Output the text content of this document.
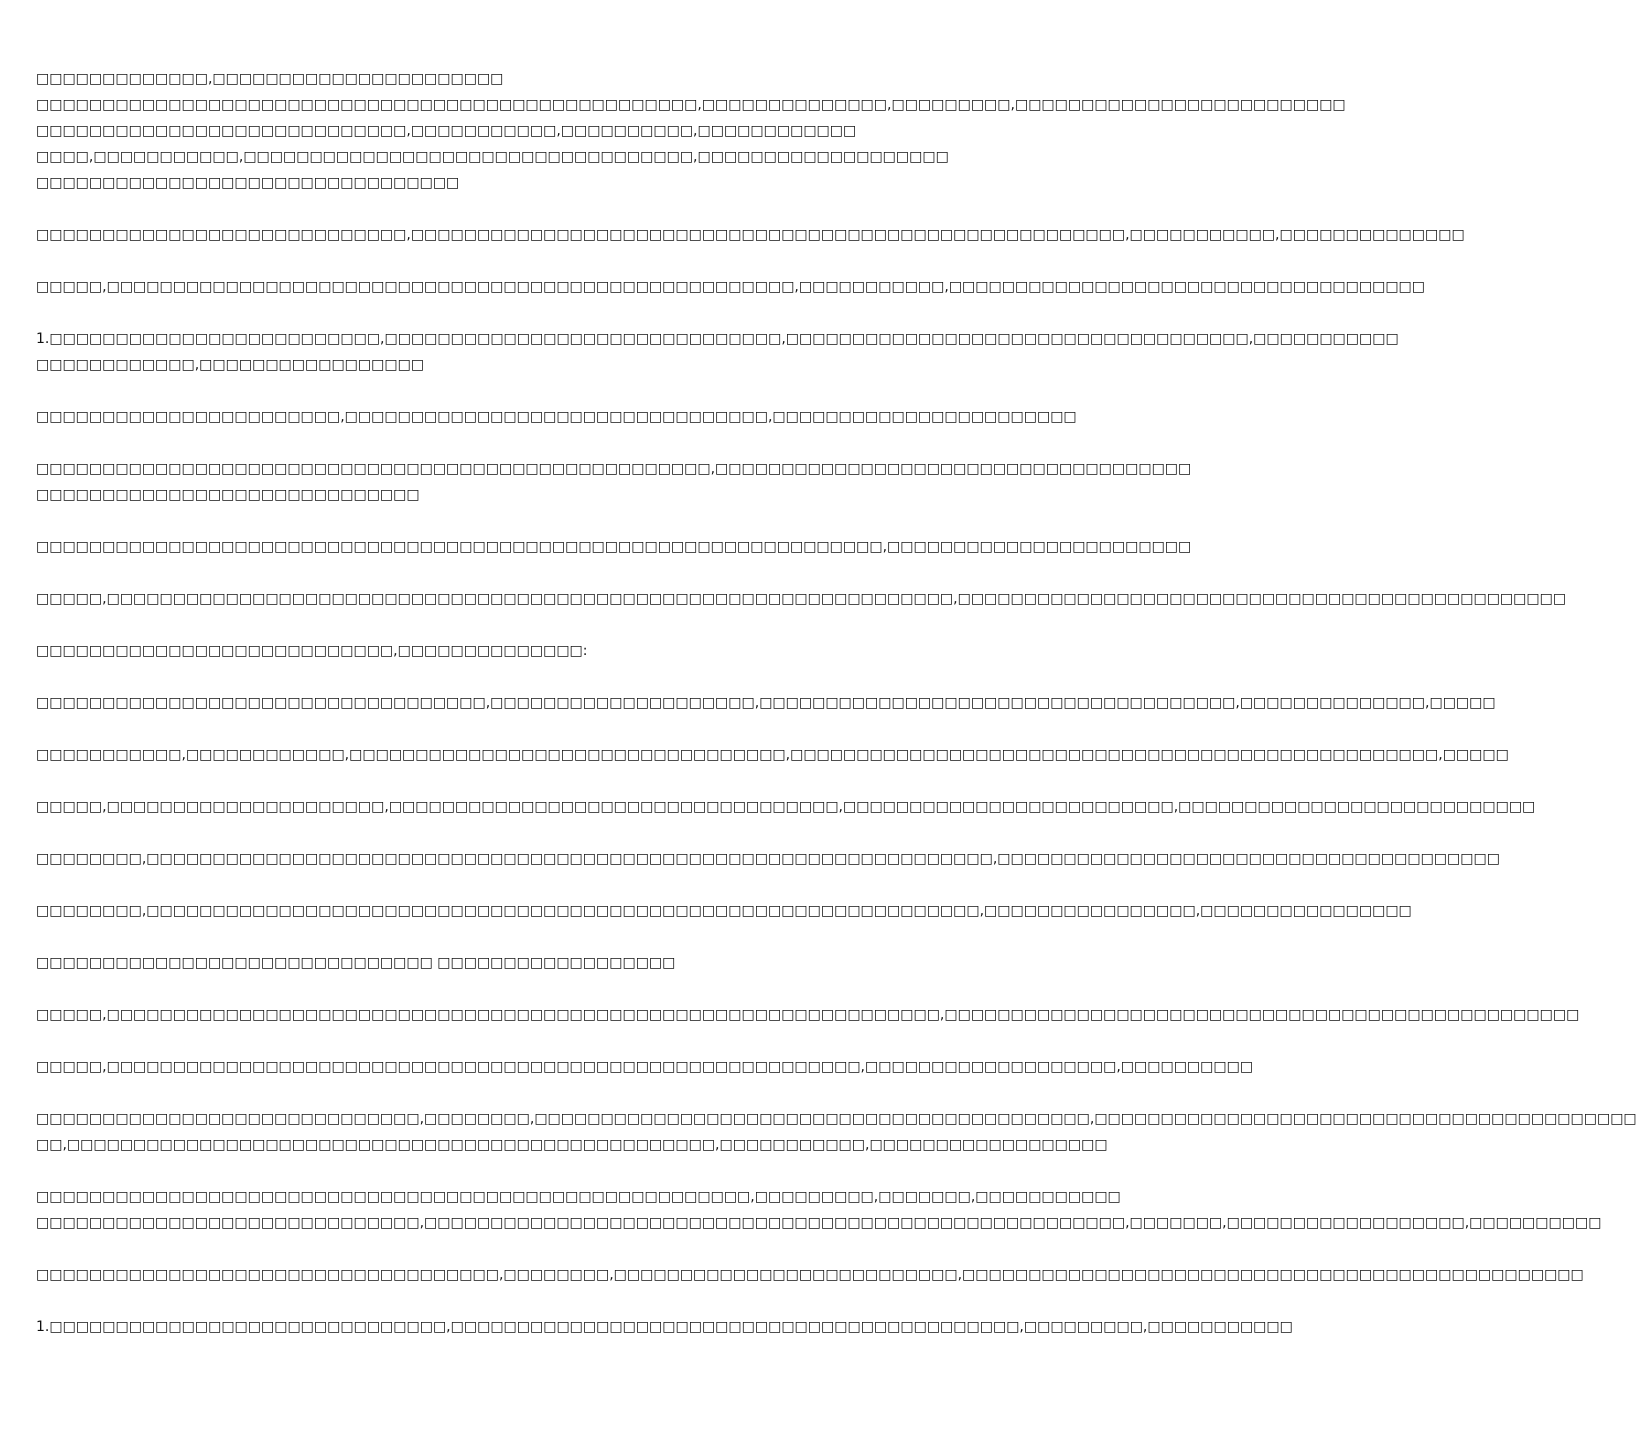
□□□□□□□□□□□□□,□□□□□□□□□□□□□□□□□□□□□□
□□□□□□□□□□□□□□□□□□□□□□□□□□□□□□□□□□□□□□□□□□□□□□□□□□,□□□□□□□□□□□□□□,□□□□□□□□□,□□□□□□□□□□□□□□□□□□□□□□□□□
□□□□□□□□□□□□□□□□□□□□□□□□□□□□,□□□□□□□□□□□,□□□□□□□□□□,□□□□□□□□□□□□
□□□□,□□□□□□□□□□□,□□□□□□□□□□□□□□□□□□□□□□□□□□□□□□□□□□,□□□□□□□□□□□□□□□□□□□
□□□□□□□□□□□□□□□□□□□□□□□□□□□□□□□□
□□□□□□□□□□□□□□□□□□□□□□□□□□□□,□□□□□□□□□□□□□□□□□□□□□□□□□□□□□□□□□□□□□□□□□□□□□□□□□□□□□□,□□□□□□□□□□□,□□□□□□□□□□□□□□
□□□□□,□□□□□□□□□□□□□□□□□□□□□□□□□□□□□□□□□□□□□□□□□□□□□□□□□□□□,□□□□□□□□□□□,□□□□□□□□□□□□□□□□□□□□□□□□□□□□□□□□□□□□
1.□□□□□□□□□□□□□□□□□□□□□□□□□,□□□□□□□□□□□□□□□□□□□□□□□□□□□□□□,□□□□□□□□□□□□□□□□□□□□□□□□□□□□□□□□□□□,□□□□□□□□□□□
□□□□□□□□□□□□,□□□□□□□□□□□□□□□□□
□□□□□□□□□□□□□□□□□□□□□□□,□□□□□□□□□□□□□□□□□□□□□□□□□□□□□□□□,□□□□□□□□□□□□□□□□□□□□□□□
□□□□□□□□□□□□□□□□□□□□□□□□□□□□□□□□□□□□□□□□□□□□□□□□□□□,□□□□□□□□□□□□□□□□□□□□□□□□□□□□□□□□□□□□
□□□□□□□□□□□□□□□□□□□□□□□□□□□□□
□□□□□□□□□□□□□□□□□□□□□□□□□□□□□□□□□□□□□□□□□□□□□□□□□□□□□□□□□□□□□□□□,□□□□□□□□□□□□□□□□□□□□□□□
□□□□□,□□□□□□□□□□□□□□□□□□□□□□□□□□□□□□□□□□□□□□□□□□□□□□□□□□□□□□□□□□□□□□□□,□□□□□□□□□□□□□□□□□□□□□□□□□□□□□□□□□□□□□□□□□□□□□□
□□□□□□□□□□□□□□□□□□□□□□□□□□□,□□□□□□□□□□□□□□:
□□□□□□□□□□□□□□□□□□□□□□□□□□□□□□□□□□,□□□□□□□□□□□□□□□□□□□□,□□□□□□□□□□□□□□□□□□□□□□□□□□□□□□□□□□□□,□□□□□□□□□□□□□□,□□□□□
□□□□□□□□□□□,□□□□□□□□□□□□,□□□□□□□□□□□□□□□□□□□□□□□□□□□□□□□□□,□□□□□□□□□□□□□□□□□□□□□□□□□□□□□□□□□□□□□□□□□□□□□□□□□,□□□□□
□□□□□,□□□□□□□□□□□□□□□□□□□□□,□□□□□□□□□□□□□□□□□□□□□□□□□□□□□□□□□□,□□□□□□□□□□□□□□□□□□□□□□□□□,□□□□□□□□□□□□□□□□□□□□□□□□□□□
□□□□□□□□,□□□□□□□□□□□□□□□□□□□□□□□□□□□□□□□□□□□□□□□□□□□□□□□□□□□□□□□□□□□□□□□□,□□□□□□□□□□□□□□□□□□□□□□□□□□□□□□□□□□□□□□
□□□□□□□□,□□□□□□□□□□□□□□□□□□□□□□□□□□□□□□□□□□□□□□□□□□□□□□□□□□□□□□□□□□□□□□□,□□□□□□□□□□□□□□□□,□□□□□□□□□□□□□□□□
□□□□□□□□□□□□□□□□□□□□□□□□□□□□□□ □□□□□□□□□□□□□□□□□□
□□□□□,□□□□□□□□□□□□□□□□□□□□□□□□□□□□□□□□□□□□□□□□□□□□□□□□□□□□□□□□□□□□□□□,□□□□□□□□□□□□□□□□□□□□□□□□□□□□□□□□□□□□□□□□□□□□□□□□
□□□□□,□□□□□□□□□□□□□□□□□□□□□□□□□□□□□□□□□□□□□□□□□□□□□□□□□□□□□□□□□,□□□□□□□□□□□□□□□□□□□,□□□□□□□□□□
□□□□□□□□□□□□□□□□□□□□□□□□□□□□□,□□□□□□□□,□□□□□□□□□□□□□□□□□□□□□□□□□□□□□□□□□□□□□□□□□□,□□□□□□□□□□□□□□□□□□□□□□□□□□□□□□□□□□□□□□□□□
□□,□□□□□□□□□□□□□□□□□□□□□□□□□□□□□□□□□□□□□□□□□□□□□□□□□,□□□□□□□□□□□,□□□□□□□□□□□□□□□□□□
□□□□□□□□□□□□□□□□□□□□□□□□□□□□□□□□□□□□□□□□□□□□□□□□□□□□□□,□□□□□□□□□,□□□□□□□,□□□□□□□□□□□
□□□□□□□□□□□□□□□□□□□□□□□□□□□□□,□□□□□□□□□□□□□□□□□□□□□□□□□□□□□□□□□□□□□□□□□□□□□□□□□□□□□,□□□□□□□,□□□□□□□□□□□□□□□□□□,□□□□□□□□□□
□□□□□□□□□□□□□□□□□□□□□□□□□□□□□□□□□□□,□□□□□□□□,□□□□□□□□□□□□□□□□□□□□□□□□□□,□□□□□□□□□□□□□□□□□□□□□□□□□□□□□□□□□□□□□□□□□□□□□□□
1.□□□□□□□□□□□□□□□□□□□□□□□□□□□□□□,□□□□□□□□□□□□□□□□□□□□□□□□□□□□□□□□□□□□□□□□□□□,□□□□□□□□□,□□□□□□□□□□□
